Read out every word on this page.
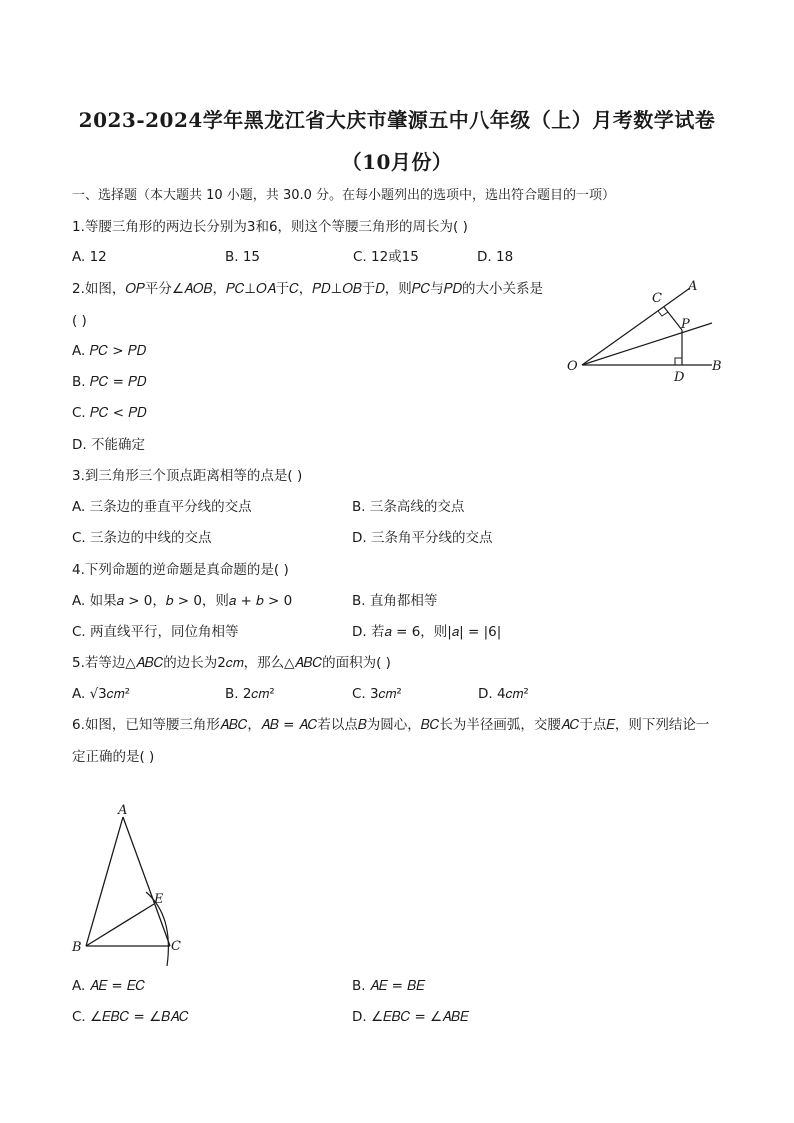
2023-2024学年黑龙江省大庆市肇源五中八年级（上）月考数学试卷
（10月份）
一、选择题（本大题共 10 小题，共 30.0 分。在每小题列出的选项中，选出符合题目的一项）
1.等腰三角形的两边长分别为3和6，则这个等腰三角形的周长为( )
A. 12	B. 15	C. 12或15	D. 18
2.如图，𝑂𝑃平分∠𝐴𝑂𝐵，𝑃𝐶⊥𝑂𝐴于𝐶，𝑃𝐷⊥𝑂𝐵于𝐷，则𝑃𝐶与𝑃𝐷的大小关系是
( )
A. 𝑃𝐶 > 𝑃𝐷
B. 𝑃𝐶 = 𝑃𝐷
C. 𝑃𝐶 < 𝑃𝐷
D. 不能确定
A
C
P
O
D
B
3.到三角形三个顶点距离相等的点是( )
A. 三条边的垂直平分线的交点	B. 三条高线的交点
C. 三条边的中线的交点	D. 三条角平分线的交点
4.下列命题的逆命题是真命题的是( )
A. 如果𝑎 > 0，𝑏 > 0，则𝑎 + 𝑏 > 0	B. 直角都相等
C. 两直线平行，同位角相等	D. 若𝑎 = 6，则|𝑎| = |6|
5.若等边△𝐴𝐵𝐶的边长为2𝑐𝑚，那么△𝐴𝐵𝐶的面积为( )
A. √3𝑐𝑚²	B. 2𝑐𝑚²	C. 3𝑐𝑚²	D. 4𝑐𝑚²
6.如图，已知等腰三角形𝐴𝐵𝐶，𝐴𝐵 = 𝐴𝐶若以点𝐵为圆心，𝐵𝐶长为半径画弧，交腰𝐴𝐶于点𝐸，则下列结论一
定正确的是( )
A
E
B	C
A. 𝐴𝐸 = 𝐸𝐶	B. 𝐴𝐸 = 𝐵𝐸
C. ∠𝐸𝐵𝐶 = ∠𝐵𝐴𝐶	D. ∠𝐸𝐵𝐶 = ∠𝐴𝐵𝐸
